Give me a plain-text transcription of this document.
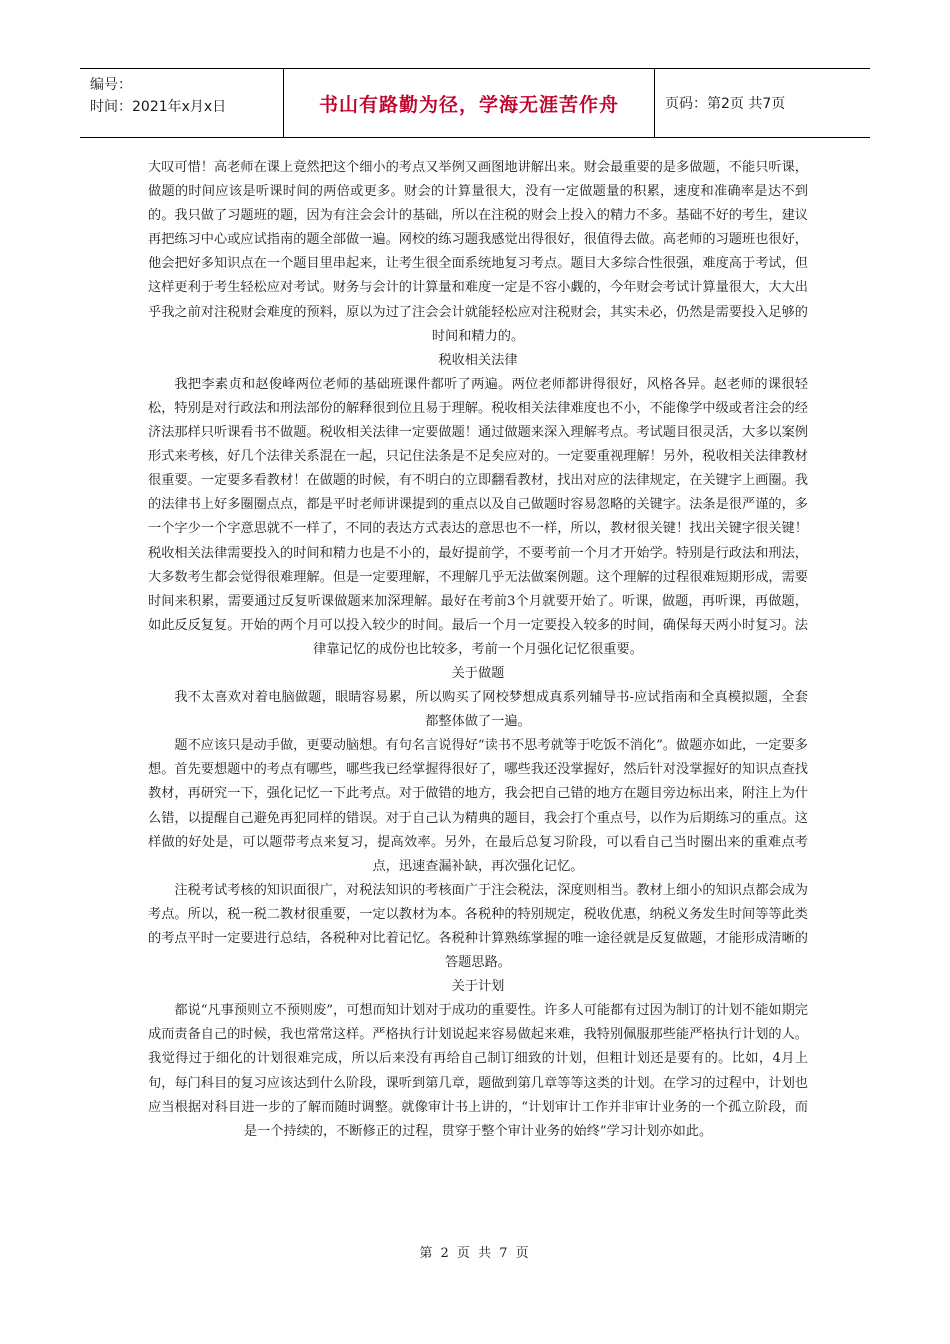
编号：
时间：2021年x月x日	书山有路勤为径，学海无涯苦作舟	页码：第2页 共7页

大叹可惜！高老师在课上竟然把这个细小的考点又举例又画图地讲解出来。财会最重要的是多做题，不能只听课，做题的时间应该是听课时间的两倍或更多。财会的计算量很大，没有一定做题量的积累，速度和准确率是达不到的。我只做了习题班的题，因为有注会会计的基础，所以在注税的财会上投入的精力不多。基础不好的考生，建议再把练习中心或应试指南的题全部做一遍。网校的练习题我感觉出得很好，很值得去做。高老师的习题班也很好，他会把好多知识点在一个题目里串起来，让考生很全面系统地复习考点。题目大多综合性很强，难度高于考试，但这样更利于考生轻松应对考试。财务与会计的计算量和难度一定是不容小觑的，今年财会考试计算量很大，大大出乎我之前对注税财会难度的预料，原以为过了注会会计就能轻松应对注税财会，其实未必，仍然是需要投入足够的时间和精力的。

税收相关法律

我把李素贞和赵俊峰两位老师的基础班课件都听了两遍。两位老师都讲得很好，风格各异。赵老师的课很轻松，特别是对行政法和刑法部份的解释很到位且易于理解。税收相关法律难度也不小，不能像学中级或者注会的经济法那样只听课看书不做题。税收相关法律一定要做题！通过做题来深入理解考点。考试题目很灵活，大多以案例形式来考核，好几个法律关系混在一起，只记住法条是不足矣应对的。一定要重视理解！另外，税收相关法律教材很重要。一定要多看教材！在做题的时候，有不明白的立即翻看教材，找出对应的法律规定，在关键字上画圈。我的法律书上好多圈圈点点，都是平时老师讲课提到的重点以及自己做题时容易忽略的关键字。法条是很严谨的，多一个字少一个字意思就不一样了，不同的表达方式表达的意思也不一样，所以，教材很关键！找出关键字很关键！税收相关法律需要投入的时间和精力也是不小的，最好提前学，不要考前一个月才开始学。特别是行政法和刑法，大多数考生都会觉得很难理解。但是一定要理解，不理解几乎无法做案例题。这个理解的过程很难短期形成，需要时间来积累，需要通过反复听课做题来加深理解。最好在考前3个月就要开始了。听课，做题，再听课，再做题，如此反反复复。开始的两个月可以投入较少的时间。最后一个月一定要投入较多的时间，确保每天两小时复习。法律靠记忆的成份也比较多，考前一个月强化记忆很重要。

关于做题

我不太喜欢对着电脑做题，眼睛容易累，所以购买了网校梦想成真系列辅导书-应试指南和全真模拟题，全套都整体做了一遍。

题不应该只是动手做，更要动脑想。有句名言说得好“读书不思考就等于吃饭不消化”。做题亦如此，一定要多想。首先要想题中的考点有哪些，哪些我已经掌握得很好了，哪些我还没掌握好，然后针对没掌握好的知识点查找教材，再研究一下，强化记忆一下此考点。对于做错的地方，我会把自己错的地方在题目旁边标出来，附注上为什么错，以提醒自己避免再犯同样的错误。对于自己认为精典的题目，我会打个重点号，以作为后期练习的重点。这样做的好处是，可以题带考点来复习，提高效率。另外，在最后总复习阶段，可以看自己当时圈出来的重难点考点，迅速查漏补缺，再次强化记忆。

注税考试考核的知识面很广，对税法知识的考核面广于注会税法，深度则相当。教材上细小的知识点都会成为考点。所以，税一税二教材很重要，一定以教材为本。各税种的特别规定，税收优惠，纳税义务发生时间等等此类的考点平时一定要进行总结，各税种对比着记忆。各税种计算熟练掌握的唯一途径就是反复做题，才能形成清晰的答题思路。

关于计划

都说“凡事预则立不预则废”，可想而知计划对于成功的重要性。许多人可能都有过因为制订的计划不能如期完成而责备自己的时候，我也常常这样。严格执行计划说起来容易做起来难，我特别佩服那些能严格执行计划的人。我觉得过于细化的计划很难完成，所以后来没有再给自己制订细致的计划，但粗计划还是要有的。比如，4月上旬，每门科目的复习应该达到什么阶段，课听到第几章，题做到第几章等等这类的计划。在学习的过程中，计划也应当根据对科目进一步的了解而随时调整。就像审计书上讲的，“计划审计工作并非审计业务的一个孤立阶段，而是一个持续的，不断修正的过程，贯穿于整个审计业务的始终”学习计划亦如此。

第 2 页 共 7 页
